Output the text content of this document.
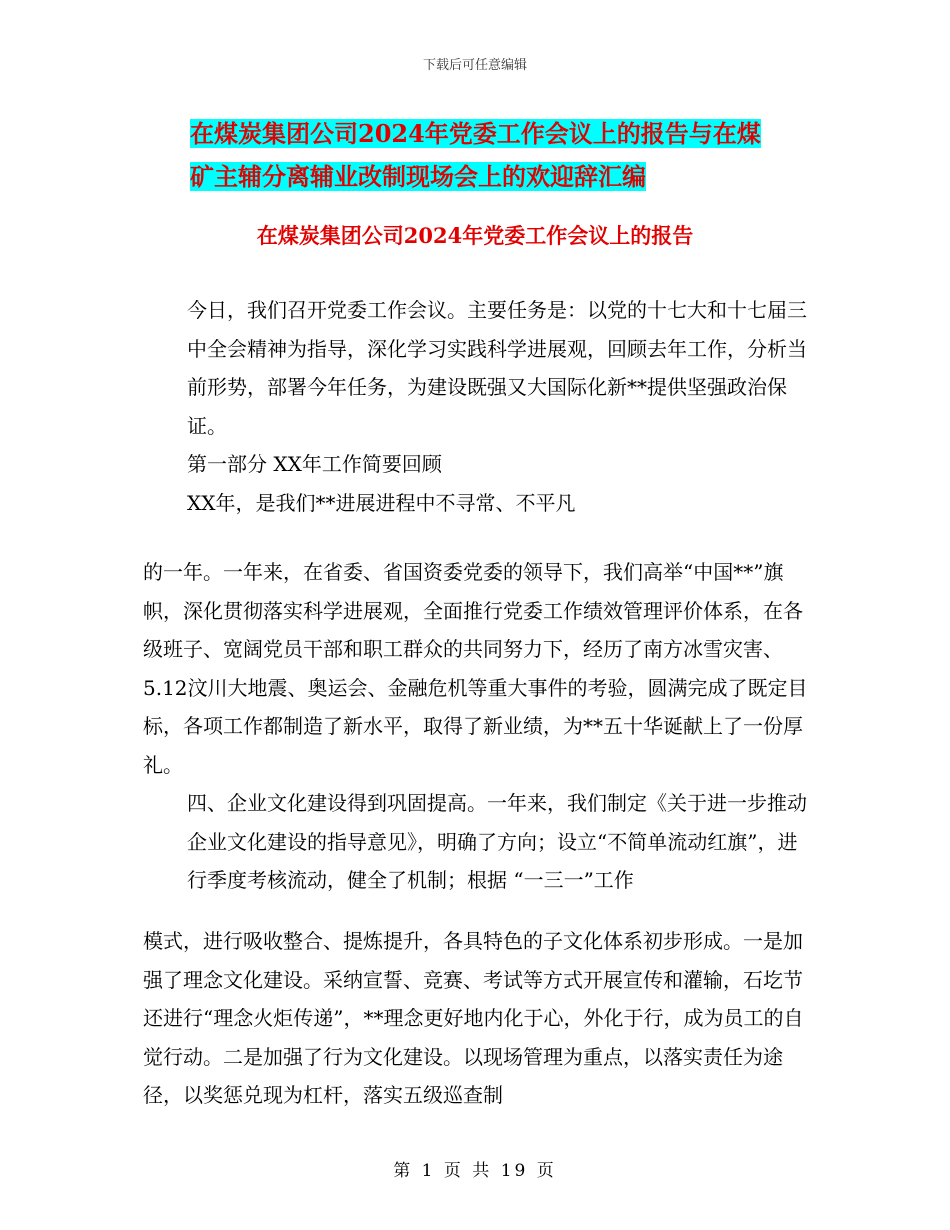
下载后可任意编辑
在煤炭集团公司2024年党委工作会议上的报告与在煤
矿主辅分离辅业改制现场会上的欢迎辞汇编
在煤炭集团公司2024年党委工作会议上的报告

今日，我们召开党委工作会议。主要任务是：以党的十七大和十七届三中全会精神为指导，深化学习实践科学进展观，回顾去年工作，分析当前形势，部署今年任务，为建设既强又大国际化新**提供坚强政治保证。

第一部分 XX年工作简要回顾

XX年，是我们**进展进程中不寻常、不平凡

的一年。一年来，在省委、省国资委党委的领导下，我们高举“中国**”旗帜，深化贯彻落实科学进展观，全面推行党委工作绩效管理评价体系，在各级班子、宽阔党员干部和职工群众的共同努力下，经历了南方冰雪灾害、5.12汶川大地震、奥运会、金融危机等重大事件的考验，圆满完成了既定目标，各项工作都制造了新水平，取得了新业绩，为**五十华诞献上了一份厚礼。

四、企业文化建设得到巩固提高。一年来，我们制定《关于进一步推动企业文化建设的指导意见》，明确了方向；设立“不简单流动红旗”，进行季度考核流动，健全了机制；根据 “一三一”工作

模式，进行吸收整合、提炼提升，各具特色的子文化体系初步形成。一是加强了理念文化建设。采纳宣誓、竞赛、考试等方式开展宣传和灌输，石圪节还进行“理念火炬传递”，**理念更好地内化于心，外化于行，成为员工的自觉行动。二是加强了行为文化建设。以现场管理为重点，以落实责任为途径，以奖惩兑现为杠杆，落实五级巡查制

第 1 页 共 19 页
